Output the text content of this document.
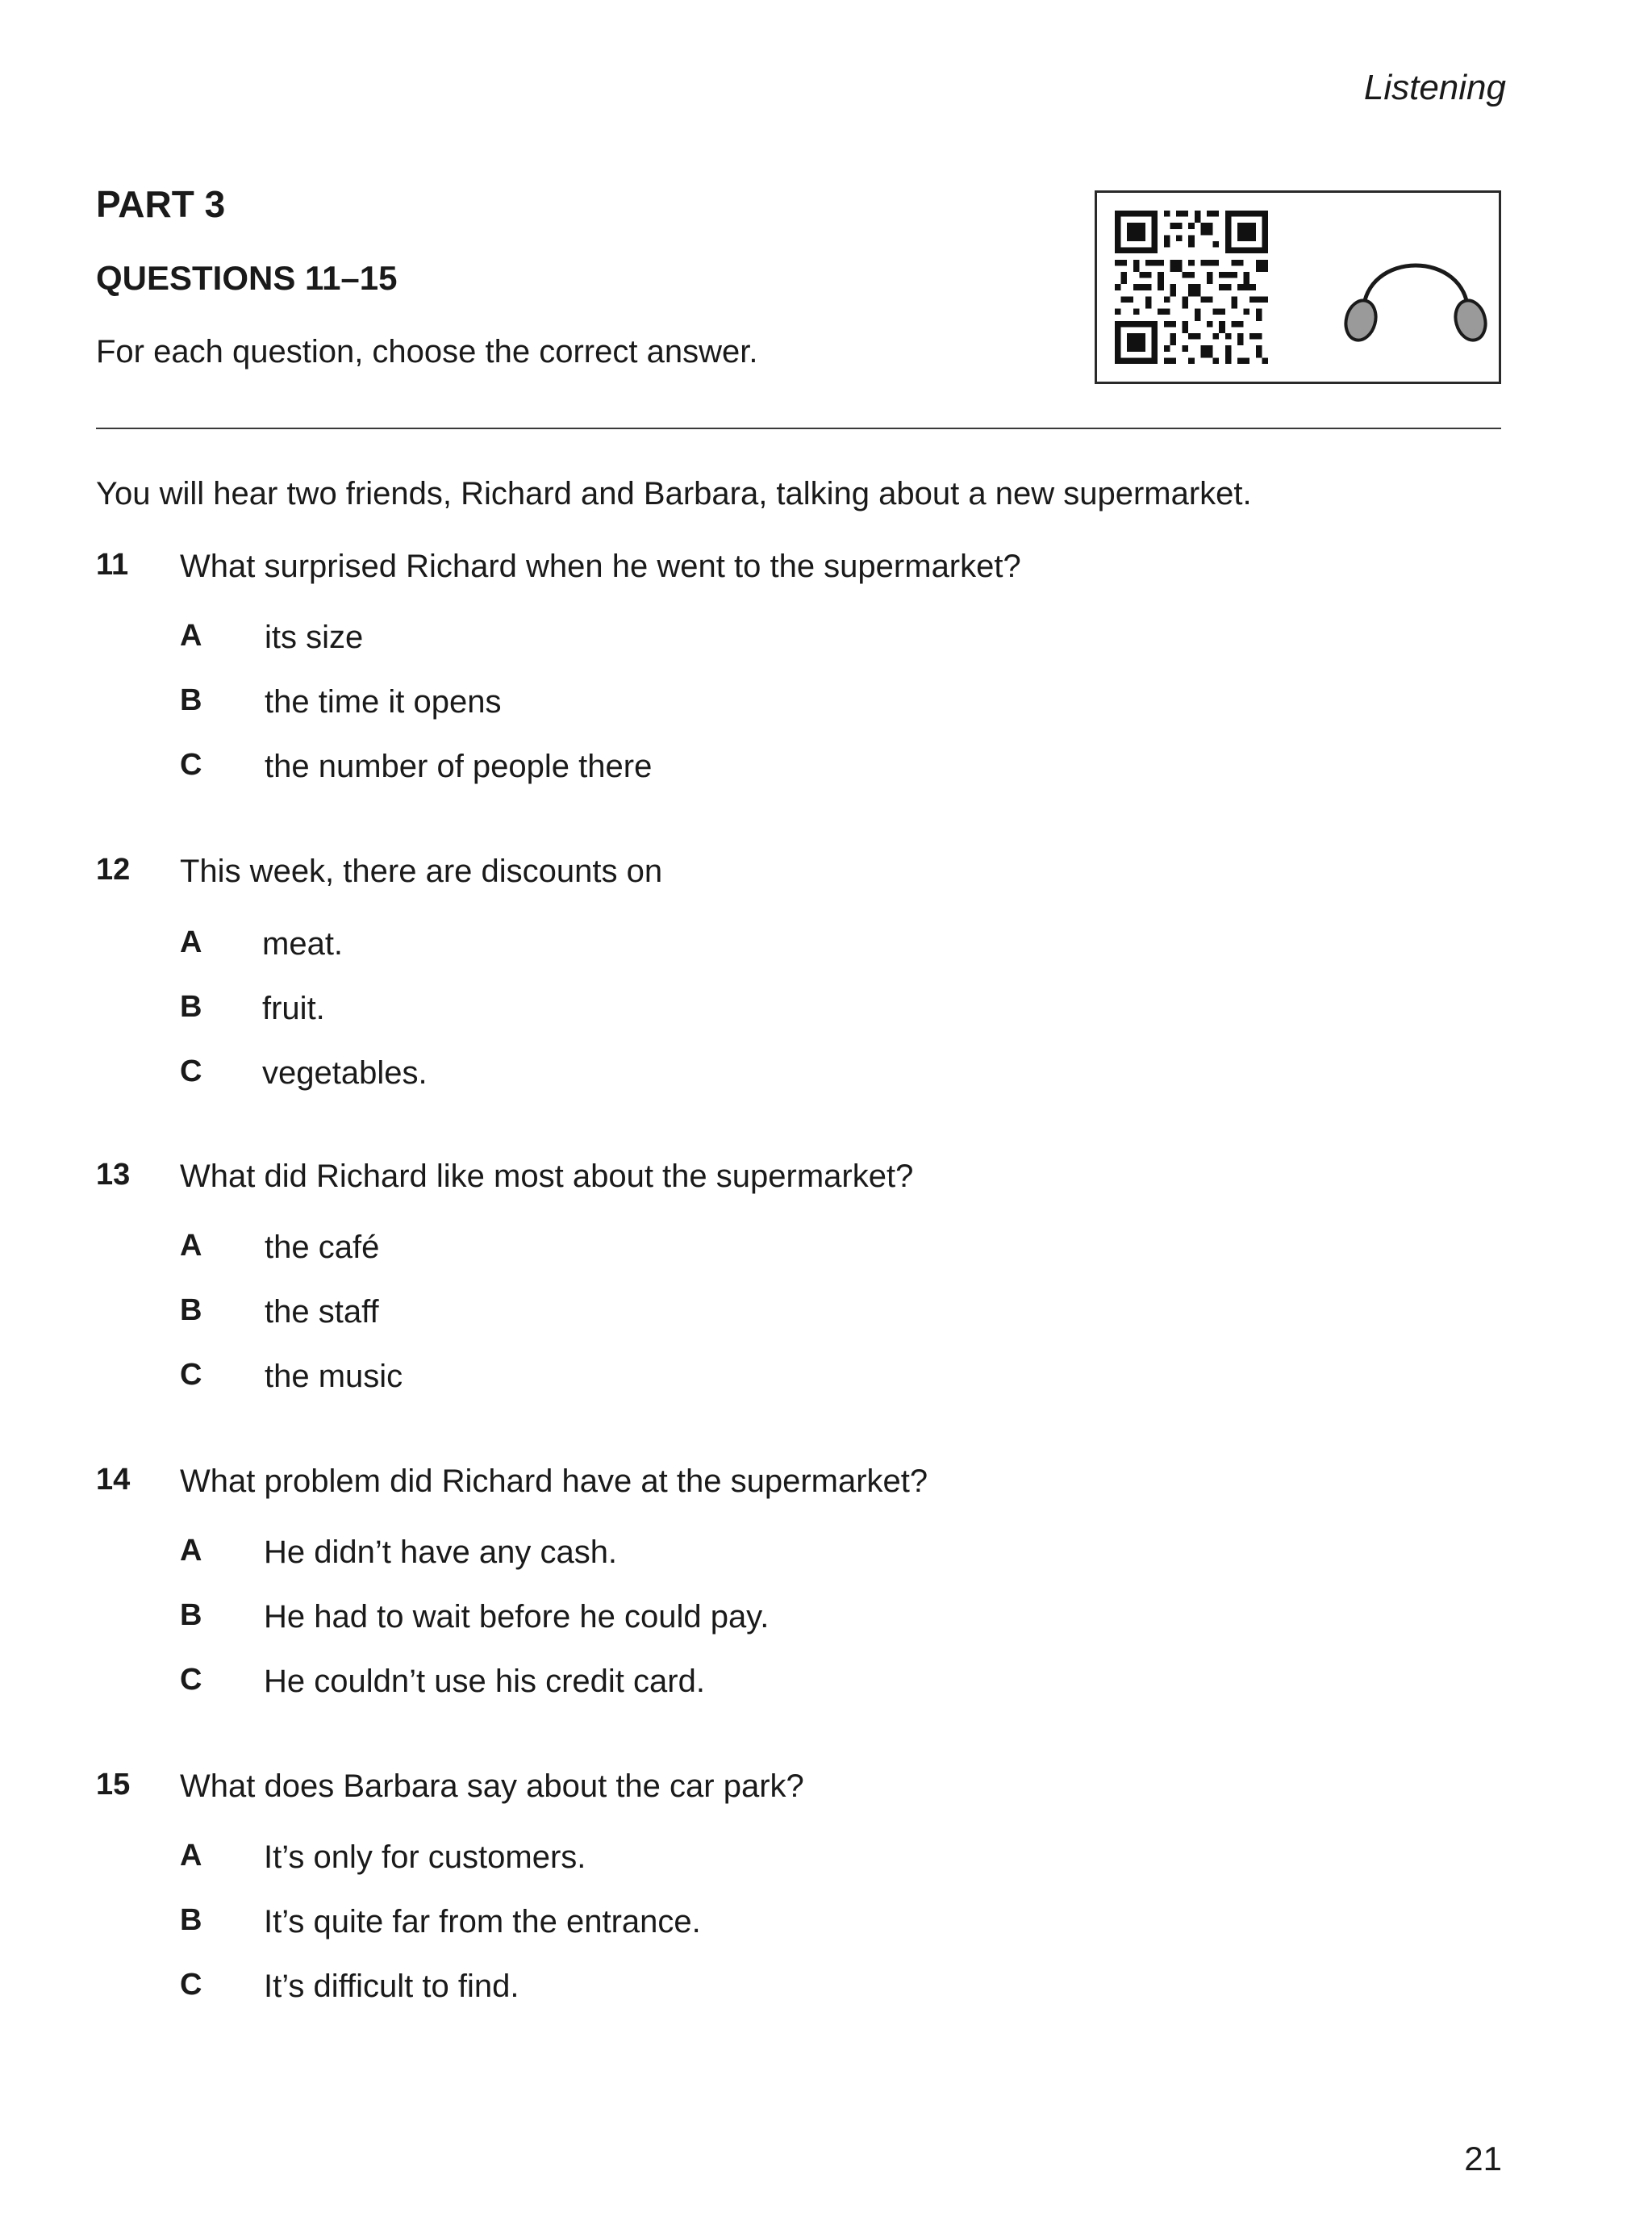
Listening
PART 3
QUESTIONS 11–15
For each question, choose the correct answer.
You will hear two friends, Richard and Barbara, talking about a new supermarket.
11 What surprised Richard when he went to the supermarket?
A its size
B the time it opens
C the number of people there
12 This week, there are discounts on
A meat.
B fruit.
C vegetables.
13 What did Richard like most about the supermarket?
A the café
B the staff
C the music
14 What problem did Richard have at the supermarket?
A He didn’t have any cash.
B He had to wait before he could pay.
C He couldn’t use his credit card.
15 What does Barbara say about the car park?
A It’s only for customers.
B It’s quite far from the entrance.
C It’s difficult to find.
21
